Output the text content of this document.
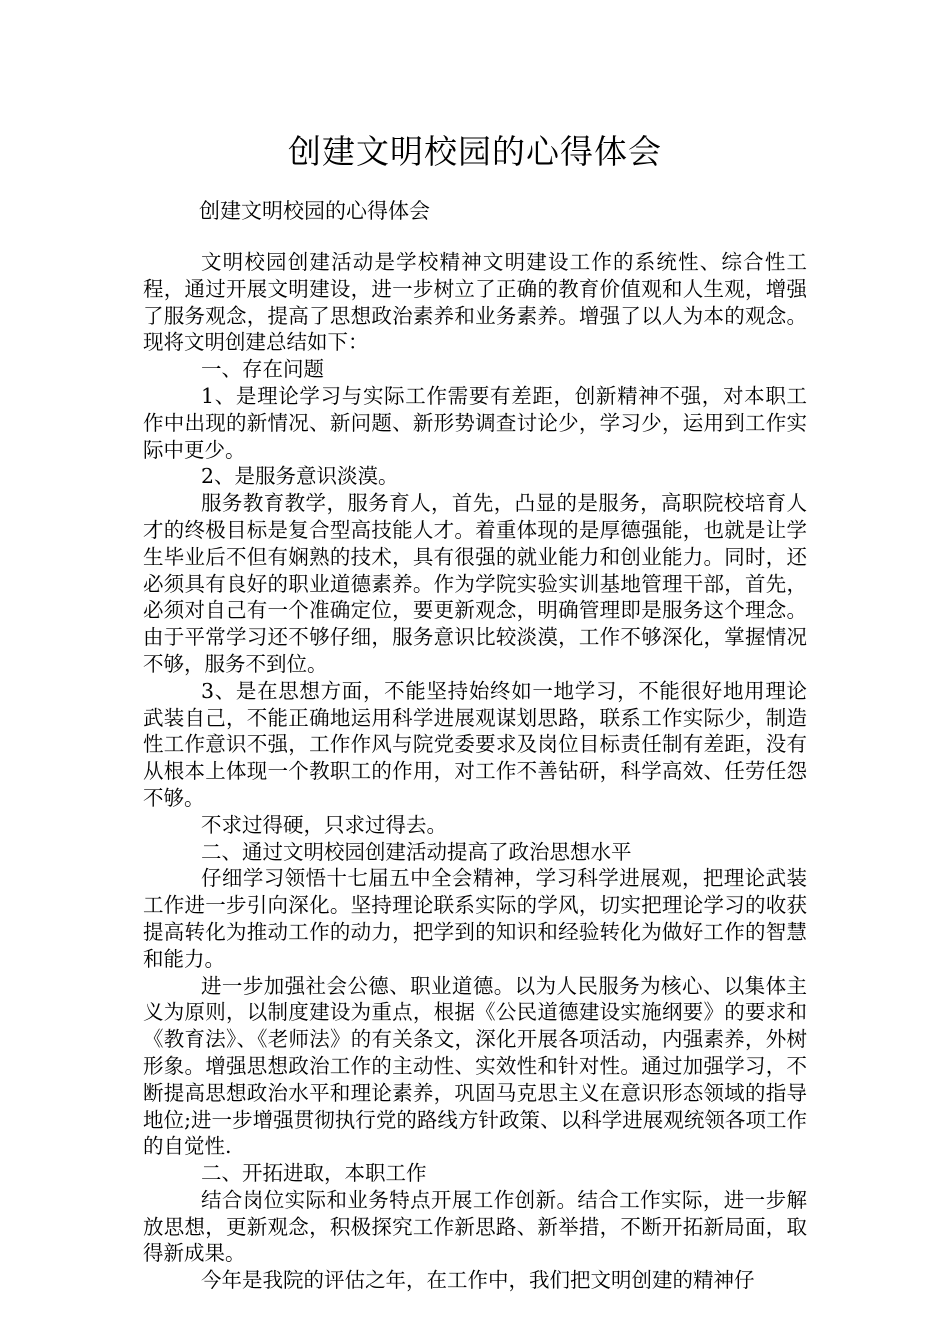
创建文明校园的心得体会

创建文明校园的心得体会

文明校园创建活动是学校精神文明建设工作的系统性、综合性工程，通过开展文明建设，进一步树立了正确的教育价值观和人生观，增强了服务观念，提高了思想政治素养和业务素养。增强了以人为本的观念。现将文明创建总结如下：

一、存在问题

1、是理论学习与实际工作需要有差距，创新精神不强，对本职工作中出现的新情况、新问题、新形势调查讨论少，学习少，运用到工作实际中更少。

2、是服务意识淡漠。

服务教育教学，服务育人，首先，凸显的是服务，高职院校培育人才的终极目标是复合型高技能人才。着重体现的是厚德强能，也就是让学生毕业后不但有娴熟的技术，具有很强的就业能力和创业能力。同时，还必须具有良好的职业道德素养。作为学院实验实训基地管理干部，首先，必须对自己有一个准确定位，要更新观念，明确管理即是服务这个理念。由于平常学习还不够仔细，服务意识比较淡漠，工作不够深化，掌握情况不够，服务不到位。

3、是在思想方面，不能坚持始终如一地学习，不能很好地用理论武装自己，不能正确地运用科学进展观谋划思路，联系工作实际少，制造性工作意识不强，工作作风与院党委要求及岗位目标责任制有差距，没有从根本上体现一个教职工的作用，对工作不善钻研，科学高效、任劳任怨不够。

不求过得硬，只求过得去。

二、通过文明校园创建活动提高了政治思想水平

仔细学习领悟十七届五中全会精神，学习科学进展观，把理论武装工作进一步引向深化。坚持理论联系实际的学风，切实把理论学习的收获提高转化为推动工作的动力，把学到的知识和经验转化为做好工作的智慧和能力。

进一步加强社会公德、职业道德。以为人民服务为核心、以集体主义为原则，以制度建设为重点，根据《公民道德建设实施纲要》的要求和《教育法》、《老师法》的有关条文，深化开展各项活动，内强素养，外树形象。增强思想政治工作的主动性、实效性和针对性。通过加强学习，不断提高思想政治水平和理论素养，巩固马克思主义在意识形态领域的指导地位;进一步增强贯彻执行党的路线方针政策、以科学进展观统领各项工作的自觉性.

二、开拓进取，本职工作

结合岗位实际和业务特点开展工作创新。结合工作实际，进一步解放思想，更新观念，积极探究工作新思路、新举措，不断开拓新局面，取得新成果。

今年是我院的评估之年，在工作中，我们把文明创建的精神仔
